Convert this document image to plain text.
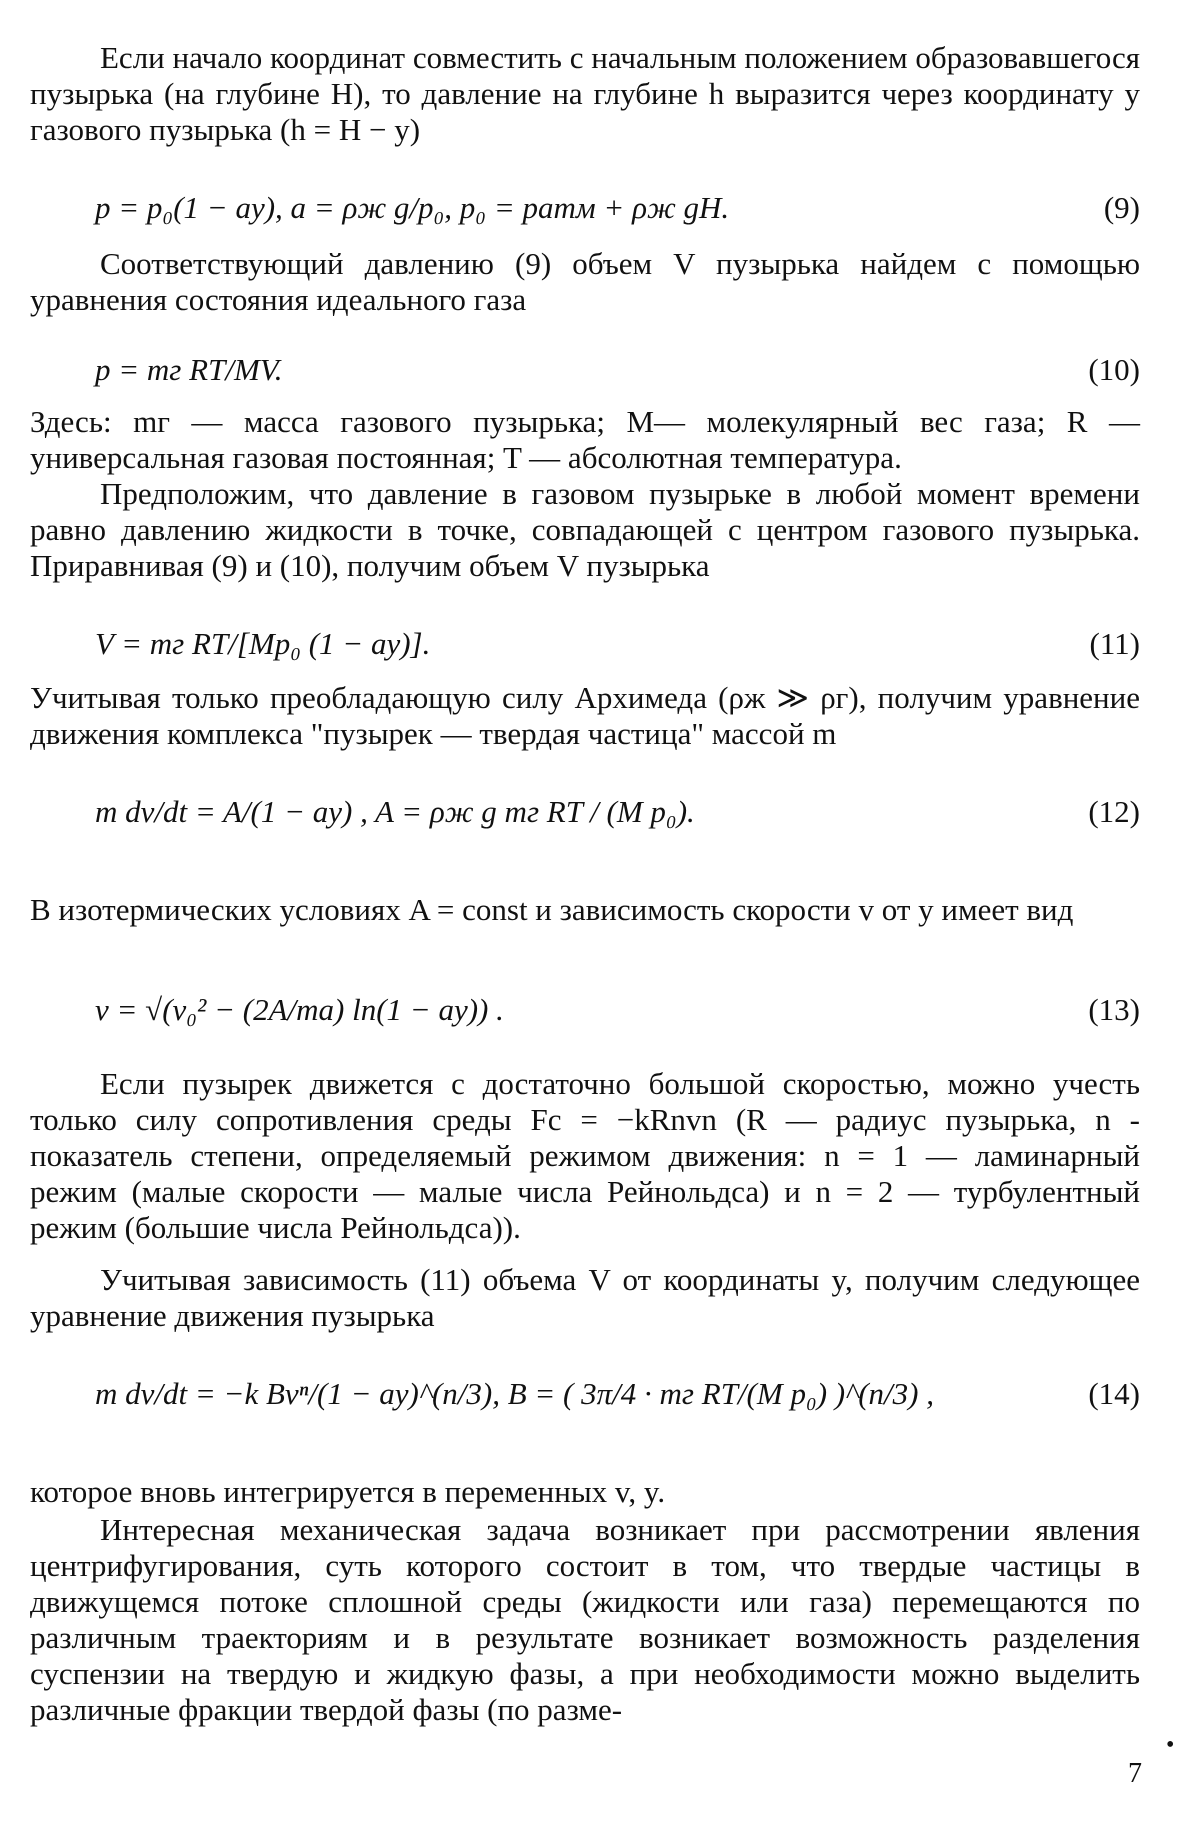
Если начало координат совместить с начальным положением образовавшегося пузырька (на глубине H), то давление на глубине h выразится через координату y газового пузырька (h = H − y)

p = p₀(1 − ay), a = ρж g/p₀, p₀ = pатм + ρж gH.	(9)

Соответствующий давлению (9) объем V пузырька найдем с помощью уравнения состояния идеального газа

p = mг RT/MV.	(10)

Здесь: mг — масса газового пузырька; M— молекулярный вес газа; R — универсальная газовая постоянная; T — абсолютная температура.

Предположим, что давление в газовом пузырьке в любой момент времени равно давлению жидкости в точке, совпадающей с центром газового пузырька. Приравнивая (9) и (10), получим объем V пузырька

V = mг RT/[Mp₀ (1 − ay)].	(11)

Учитывая только преобладающую силу Архимеда (ρж ≫ ρг), получим уравнение движения комплекса "пузырек — твердая частица" массой m

m dv/dt = A/(1 − ay) , A = ρж g mг RT / (M p₀).	(12)

В изотермических условиях A = const и зависимость скорости v от y имеет вид

v = √(v₀² − (2A/ma) ln(1 − ay)) .	(13)

Если пузырек движется с достаточно большой скоростью, можно учесть только силу сопротивления среды Fс = −kRnvn (R — радиус пузырька, n - показатель степени, определяемый режимом движения: n = 1 — ламинарный режим (малые скорости — малые числа Рейнольдса) и n = 2 — турбулентный режим (большие числа Рейнольдса)).

Учитывая зависимость (11) объема V от координаты y, получим следующее уравнение движения пузырька

m dv/dt = −k Bvⁿ/(1 − ay)^(n/3), B = ( 3π/4 · mг RT/(M p₀) )^(n/3) ,	(14)

которое вновь интегрируется в переменных v, y.

Интересная механическая задача возникает при рассмотрении явления центрифугирования, суть которого состоит в том, что твердые частицы в движущемся потоке сплошной среды (жидкости или газа) перемещаются по различным траекториям и в результате возникает возможность разделения суспензии на твердую и жидкую фазы, а при необходимости можно выделить различные фракции твердой фазы (по разме-

•
7
